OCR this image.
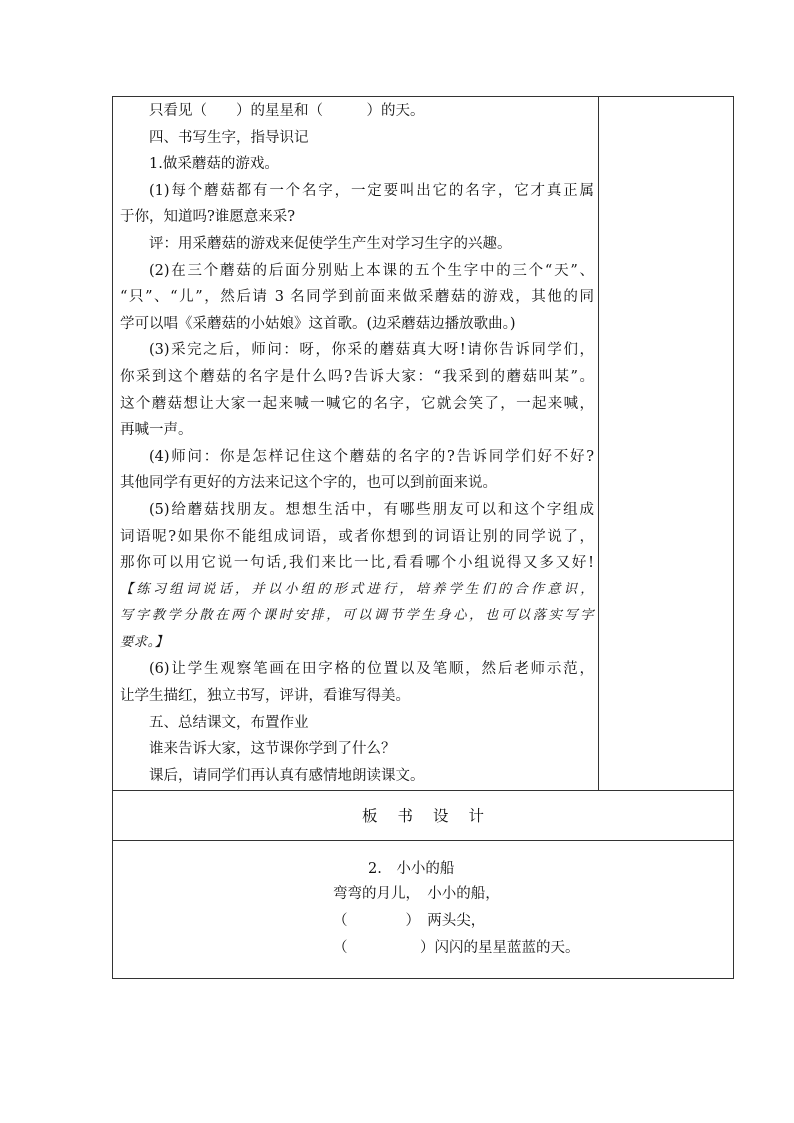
只看见（　　）的星星和（　　　）的天。
四、书写生字，指导识记
1.做采蘑菇的游戏。
(1)每个蘑菇都有一个名字，一定要叫出它的名字，它才真正属
于你，知道吗?谁愿意来采?
评：用采蘑菇的游戏来促使学生产生对学习生字的兴趣。
(2)在三个蘑菇的后面分别贴上本课的五个生字中的三个“天”、
“只”、“儿”，然后请 3 名同学到前面来做采蘑菇的游戏，其他的同
学可以唱《采蘑菇的小姑娘》这首歌。(边采蘑菇边播放歌曲。)
(3)采完之后，师问：呀，你采的蘑菇真大呀!请你告诉同学们，
你采到这个蘑菇的名字是什么吗?告诉大家：“我采到的蘑菇叫某”。
这个蘑菇想让大家一起来喊一喊它的名字，它就会笑了，一起来喊，
再喊一声。
(4)师问：你是怎样记住这个蘑菇的名字的?告诉同学们好不好?
其他同学有更好的方法来记这个字的，也可以到前面来说。
(5)给蘑菇找朋友。想想生活中，有哪些朋友可以和这个字组成
词语呢?如果你不能组成词语，或者你想到的词语让别的同学说了，
那你可以用它说一句话,我们来比一比,看看哪个小组说得又多又好!
【练习组词说话，并以小组的形式进行，培养学生们的合作意识，
写字教学分散在两个课时安排，可以调节学生身心，也可以落实写字
要求。】
(6)让学生观察笔画在田字格的位置以及笔顺，然后老师示范，
让学生描红，独立书写，评讲，看谁写得美。
五、总结课文，布置作业
谁来告诉大家，这节课你学到了什么？
课后，请同学们再认真有感情地朗读课文。
板书设计
2.　小小的船
弯弯的月儿，　小小的船，
（　　　　）　两头尖，
（　　　　　）闪闪的星星蓝蓝的天。
